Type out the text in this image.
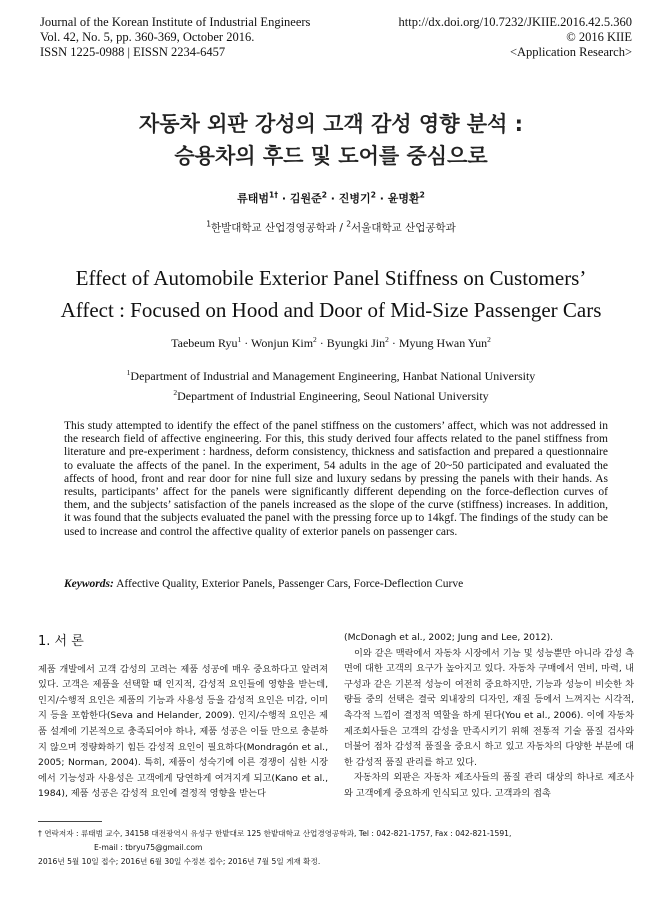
Journal of the Korean Institute of Industrial Engineers
Vol. 42, No. 5, pp. 360-369, October 2016.
ISSN 1225-0988 | EISSN 2234-6457
http://dx.doi.org/10.7232/JKIIE.2016.42.5.360
© 2016 KIIE
<Application Research>
자동차 외판 강성의 고객 감성 영향 분석 :
승용차의 후드 및 도어를 중심으로
류태범$^{1\dagger}$ · 김원준$^2$ · 진병기$^2$ · 윤명환$^2$
$^1$한발대학교 산업경영공학과 / $^2$서울대학교 산업공학과
Effect of Automobile Exterior Panel Stiffness on Customers’
Affect : Focused on Hood and Door of Mid-Size Passenger Cars
Taebeum Ryu$^1$ · Wonjun Kim$^2$ · Byungki Jin$^2$ · Myung Hwan Yun$^2$
$^1$Department of Industrial and Management Engineering, Hanbat National University
$^2$Department of Industrial Engineering, Seoul National University
This study attempted to identify the effect of the panel stiffness on the customers’ affect, which was not addressed in the research field of affective engineering. For this, this study derived four affects related to the panel stiffness from literature and pre-experiment : hardness, deform consistency, thickness and satisfaction and prepared a questionnaire to evaluate the affects of the panel. In the experiment, 54 adults in the age of 20~50 participated and evaluated the affects of hood, front and rear door for nine full size and luxury sedans by pressing the panels with their hands. As results, participants’ affect for the panels were significantly different depending on the force-deflection curves of them, and the subjects’ satisfaction of the panels increased as the slope of the curve (stiffness) increases. In addition, it was found that the subjects evaluated the panel with the pressing force up to 14kgf. The findings of the study can be used to increase and control the affective quality of exterior panels on passenger cars.
Keywords: Affective Quality, Exterior Panels, Passenger Cars, Force-Deflection Curve
1. 서 론

제품 개발에서 고객 감성의 고려는 제품 성공에 매우 중요하다고 알려져 있다. 고객은 제품을 선택할 때 인지적, 감성적 요인들에 영향을 받는데, 인지/수행적 요인은 제품의 기능과 사용성 등을 감성적 요인은 미감, 이미지 등을 포함한다(Seva and Helander, 2009). 인지/수행적 요인은 제품 설계에 기본적으로 충족되어야 하나, 제품 성공은 이들 만으로 충분하지 않으며 정량화하기 힘든 감성적 요인이 필요하다(Mondragón et al., 2005; Norman, 2004). 특히, 제품이 성숙기에 이른 경쟁이 심한 시장에서 기능성과 사용성은 고객에게 당연하게 여겨지게 되고(Kano et al., 1984), 제품 성공은 감성적 요인에 결정적 영향을 받는다

(McDonagh et al., 2002; Jung and Lee, 2012).

이와 같은 맥락에서 자동차 시장에서 기능 및 성능뿐만 아니라 감성 측면에 대한 고객의 요구가 높아지고 있다. 자동차 구매에서 연비, 마력, 내구성과 같은 기본적 성능이 여전히 중요하지만, 기능과 성능이 비슷한 차량들 중의 선택은 결국 외내장의 디자인, 재질 등에서 느껴지는 시각적, 촉각적 느낌이 결정적 역할을 하게 된다(You et al., 2006). 이에 자동차 제조회사들은 고객의 감성을 만족시키기 위해 전통적 기술 품질 검사와 더불어 점차 감성적 품질을 중요시 하고 있고 자동차의 다양한 부분에 대한 감성적 품질 관리를 하고 있다.

자동차의 외판은 자동차 제조사들의 품질 관리 대상의 하나로 제조사와 고객에게 중요하게 인식되고 있다. 고객과의 접촉

† 연락저자 : 류태범 교수, 34158 대전광역시 유성구 한밭대로 125 한밭대학교 산업경영공학과, Tel : 042-821-1757, Fax : 042-821-1591,
E-mail : tbryu75@gmail.com
2016년 5월 10일 접수; 2016년 6월 30일 수정본 접수; 2016년 7월 5일 게재 확정.
